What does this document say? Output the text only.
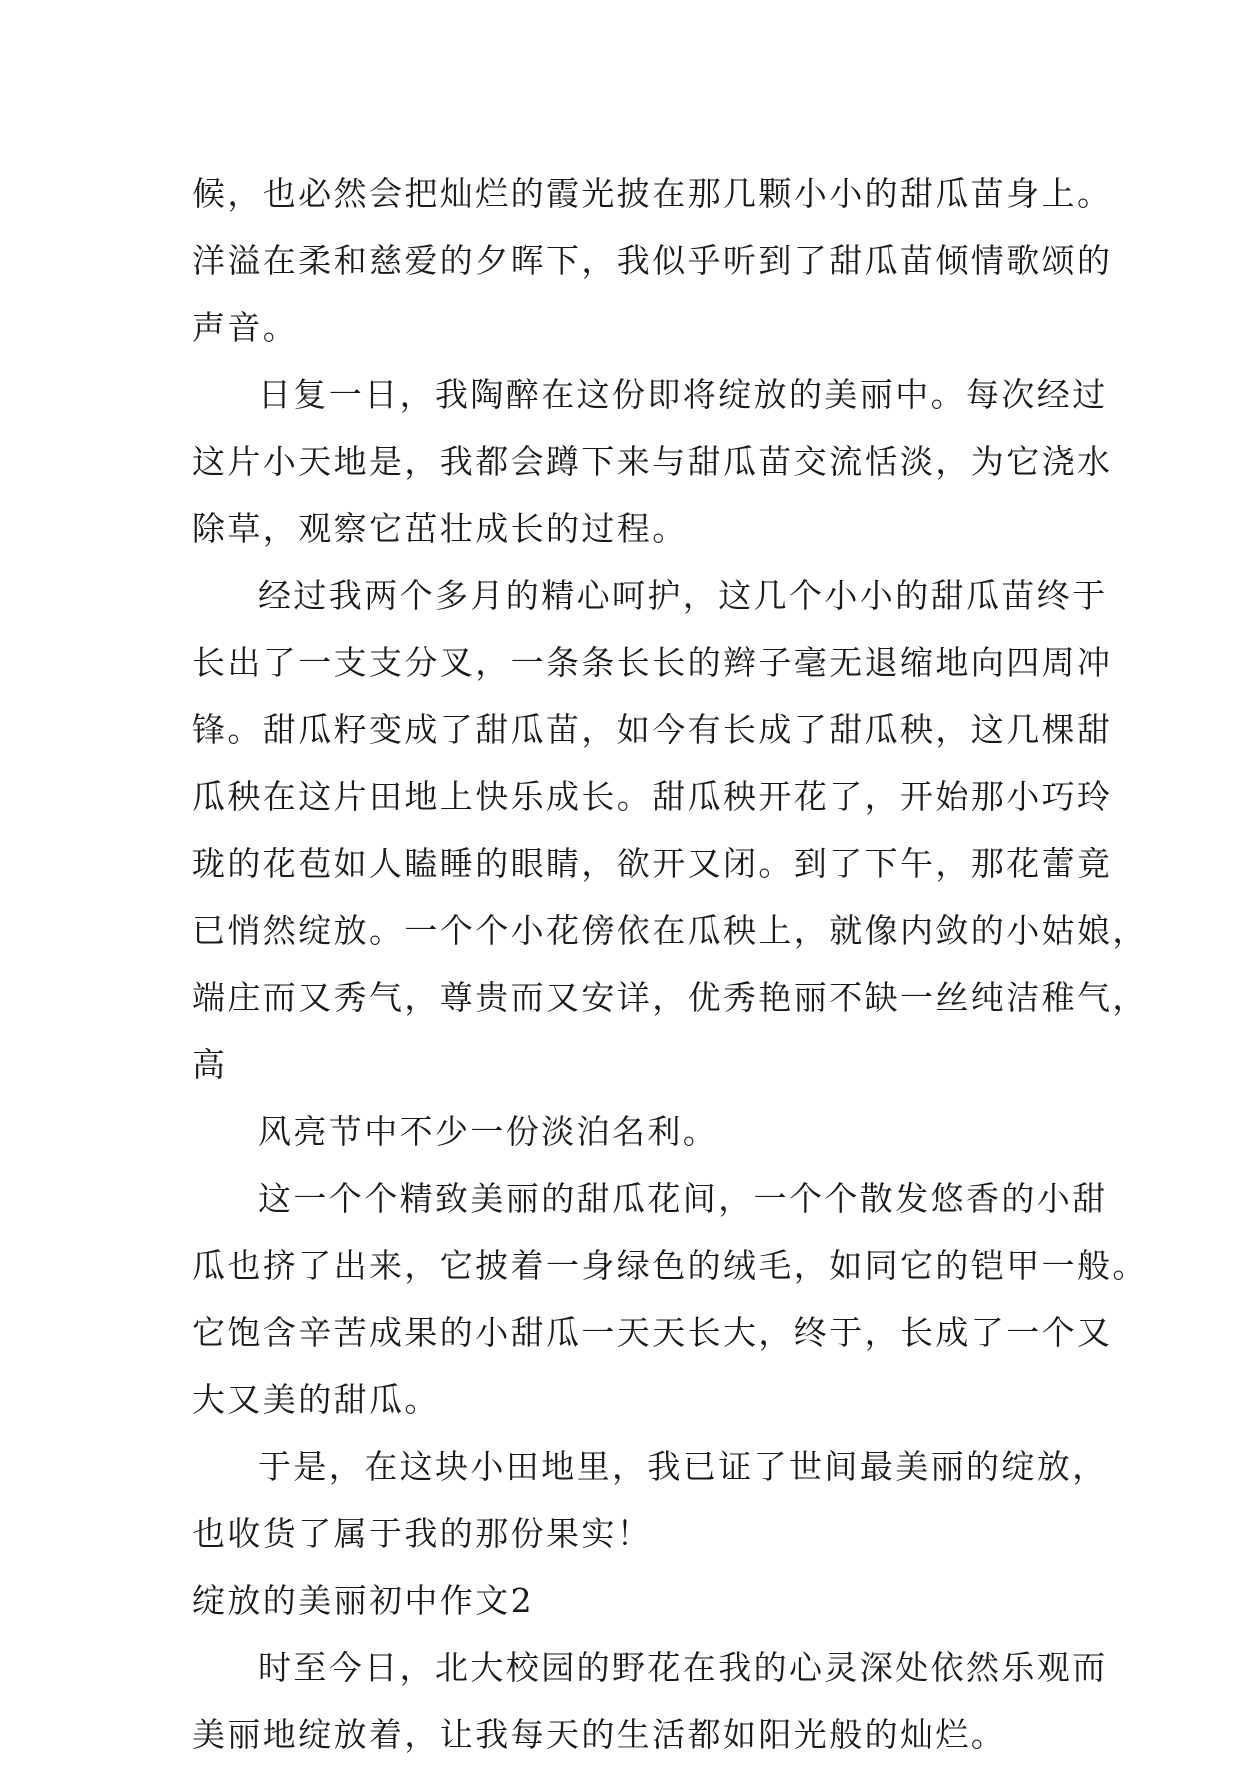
候，也必然会把灿烂的霞光披在那几颗小小的甜瓜苗身上。
洋溢在柔和慈爱的夕晖下，我似乎听到了甜瓜苗倾情歌颂的
声音。
日复一日，我陶醉在这份即将绽放的美丽中。每次经过
这片小天地是，我都会蹲下来与甜瓜苗交流恬淡，为它浇水
除草，观察它茁壮成长的过程。
经过我两个多月的精心呵护，这几个小小的甜瓜苗终于
长出了一支支分叉，一条条长长的辫子毫无退缩地向四周冲
锋。甜瓜籽变成了甜瓜苗，如今有长成了甜瓜秧，这几棵甜
瓜秧在这片田地上快乐成长。甜瓜秧开花了，开始那小巧玲
珑的花苞如人瞌睡的眼睛，欲开又闭。到了下午，那花蕾竟
已悄然绽放。一个个小花傍依在瓜秧上，就像内敛的小姑娘，
端庄而又秀气，尊贵而又安详，优秀艳丽不缺一丝纯洁稚气，
高
风亮节中不少一份淡泊名利。
这一个个精致美丽的甜瓜花间，一个个散发悠香的小甜
瓜也挤了出来，它披着一身绿色的绒毛，如同它的铠甲一般。
它饱含辛苦成果的小甜瓜一天天长大，终于，长成了一个又
大又美的甜瓜。
于是，在这块小田地里，我已证了世间最美丽的绽放，
也收货了属于我的那份果实！
绽放的美丽初中作文2
时至今日，北大校园的野花在我的心灵深处依然乐观而
美丽地绽放着，让我每天的生活都如阳光般的灿烂。
